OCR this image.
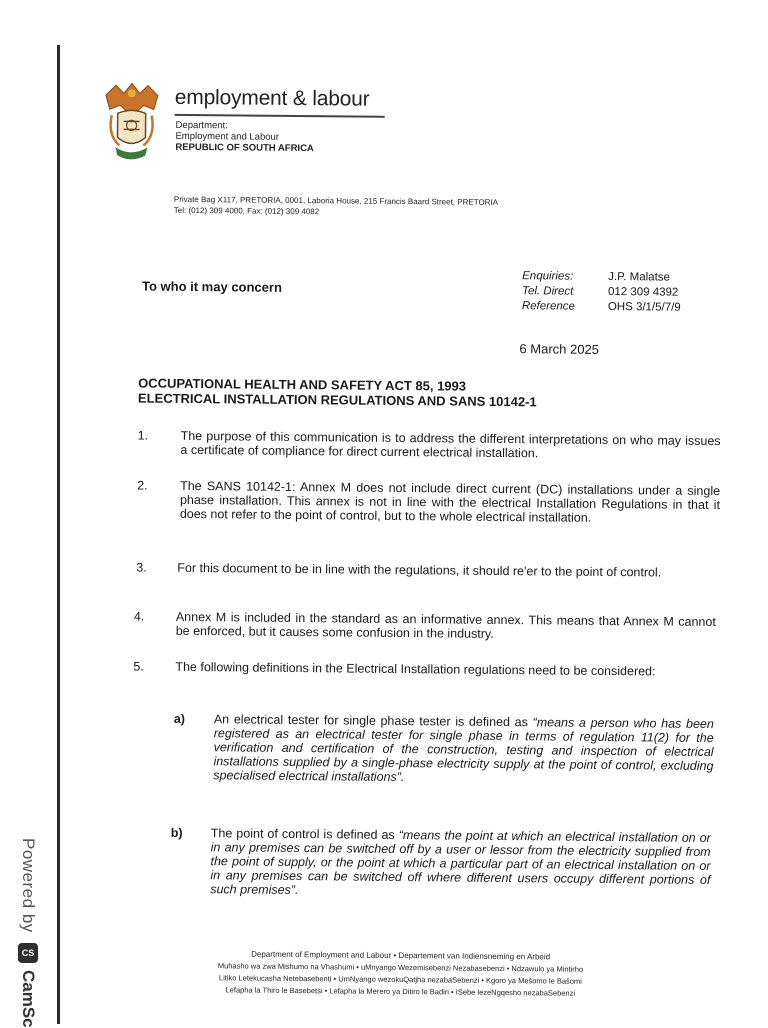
Powered by
CS
CamSc
employment & labour
Department:
Employment and Labour
REPUBLIC OF SOUTH AFRICA
Private Bag X117, PRETORIA, 0001, Laboria House, 215 Francis Baard Street, PRETORIA
Tel: (012) 309 4000, Fax: (012) 309 4082
To who it may concern
Enquiries:	J.P. Malatse
Tel. Direct	012 309 4392
Reference	OHS 3/1/5/7/9
6 March 2025
OCCUPATIONAL HEALTH AND SAFETY ACT 85, 1993
ELECTRICAL INSTALLATION REGULATIONS AND SANS 10142-1
1.	The purpose of this communication is to address the different interpretations on who may issues a certificate of compliance for direct current electrical installation.
2.	The SANS 10142-1: Annex M does not include direct current (DC) installations under a single phase installation. This annex is not in line with the electrical Installation Regulations in that it does not refer to the point of control, but to the whole electrical installation.
3. For this document to be in line with the regulations, it should re'er to the point of control.
4.	Annex M is included in the standard as an informative annex. This means that Annex M cannot be enforced, but it causes some confusion in the industry.
5.	The following definitions in the Electrical Installation regulations need to be considered:
a) An electrical tester for single phase tester is defined as “means a person who has been registered as an electrical tester for single phase in terms of regulation 11(2) for the verification and certification of the construction, testing and inspection of electrical installations supplied by a single-phase electricity supply at the point of control, excluding specialised electrical installations”.
b) The point of control is defined as “means the point at which an electrical installation on or in any premises can be switched off by a user or lessor from the electricity supplied from the point of supply, or the point at which a particular part of an electrical installation on or in any premises can be switched off where different users occupy different portions of such premises”.
Department of Employment and Labour • Departement van Indiensneming en Arbeid
Muhasho wa zwa Mishumo na Vhashumi • uMnyango Wezemisebenzi Nezabasebenzi • Ndzawulo ya Mintirho
Litiko Letekucasha Netebasebenti • UmNyango wezokuQatjha nezabaSebenzi • Kgoro ya Mešomo le Bašomi
Lefapha la Thiro le Basebetsi • Lefapha la Merero ya Ditiro le Badiri • ISebe lezeNgqesho nezabaSebenzi
